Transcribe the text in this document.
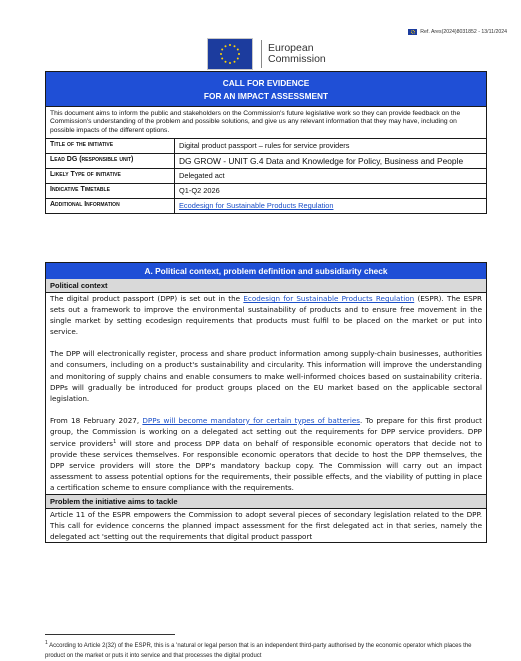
Ref. Ares(2024)8031852 - 13/11/2024
European
Commission
CALL FOR EVIDENCE
FOR AN IMPACT ASSESSMENT
This document aims to inform the public and stakeholders on the Commission's future legislative work so they can provide feedback on the Commission's understanding of the problem and possible solutions, and give us any relevant information that they may have, including on possible impacts of the different options.
Title of the initiative	Digital product passport – rules for service providers
Lead DG (responsible unit)	DG GROW - UNIT G.4 Data and Knowledge for Policy, Business and People
Likely Type of initiative	Delegated act
Indicative Timetable	Q1-Q2 2026
Additional Information	Ecodesign for Sustainable Products Regulation
A. Political context, problem definition and subsidiarity check
Political context

The digital product passport (DPP) is set out in the Ecodesign for Sustainable Products Regulation (ESPR). The ESPR sets out a framework to improve the environmental sustainability of products and to ensure free movement in the single market by setting ecodesign requirements that products must fulfil to be placed on the market or put into service.

The DPP will electronically register, process and share product information among supply-chain businesses, authorities and consumers, including on a product's sustainability and circularity. This information will improve the understanding and monitoring of supply chains and enable consumers to make well-informed choices based on sustainability criteria. DPPs will gradually be introduced for product groups placed on the EU market based on the applicable sectoral legislation.

From 18 February 2027, DPPs will become mandatory for certain types of batteries. To prepare for this first product group, the Commission is working on a delegated act setting out the requirements for DPP service providers. DPP service providers$^1$ will store and process DPP data on behalf of responsible economic operators that decide not to provide these services themselves. For responsible economic operators that decide to host the DPP themselves, the DPP service providers will store the DPP's mandatory backup copy. The Commission will carry out an impact assessment to assess potential options for the requirements, their possible effects, and the viability of putting in place a certification scheme to ensure compliance with the requirements.

Problem the initiative aims to tackle

Article 11 of the ESPR empowers the Commission to adopt several pieces of secondary legislation related to the DPP. This call for evidence concerns the planned impact assessment for the first delegated act in that series, namely the delegated act 'setting out the requirements that digital product passport

$^1$ According to Article 2(32) of the ESPR, this is a 'natural or legal person that is an independent third-party authorised by the economic operator which places the product on the market or puts it into service and that processes the digital product
